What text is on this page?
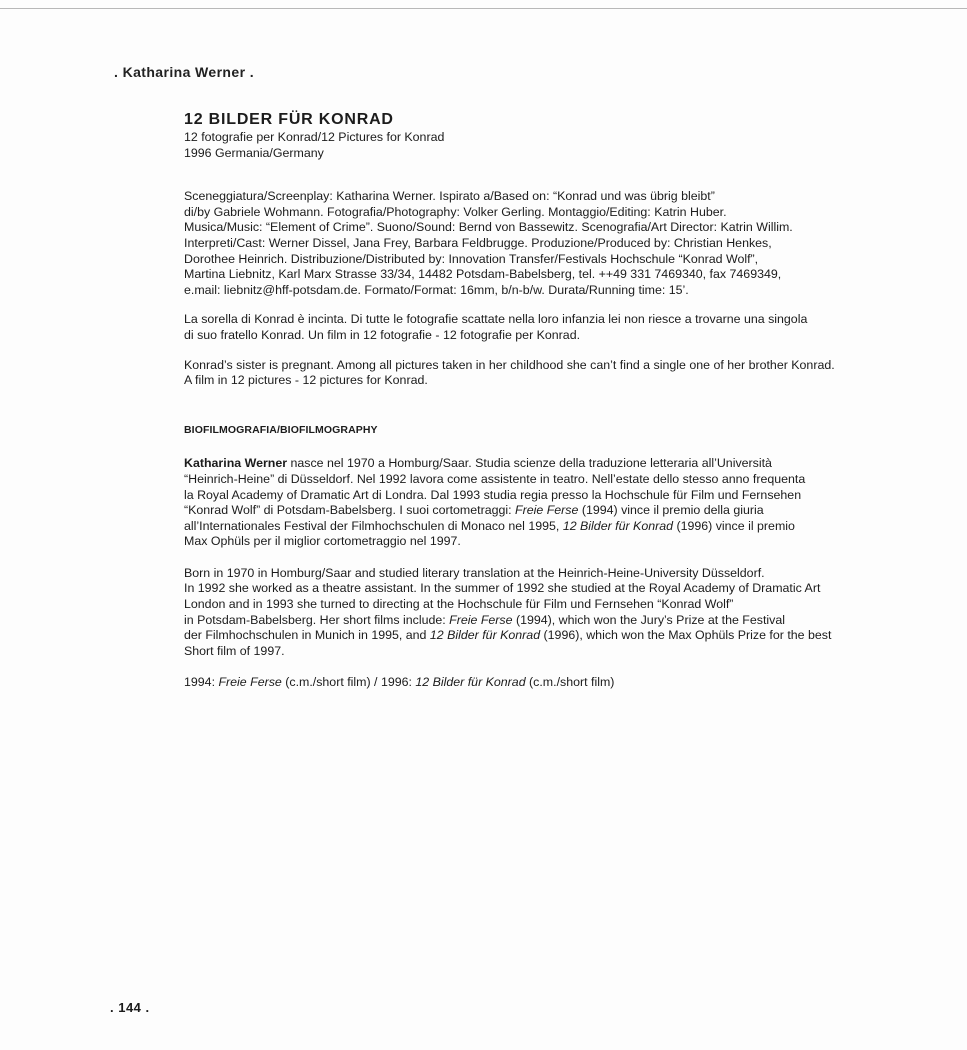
. Katharina Werner .
12 BILDER FÜR KONRAD

12 fotografie per Konrad/12 Pictures for Konrad

1996 Germania/Germany

Sceneggiatura/Screenplay: Katharina Werner. Ispirato a/Based on: “Konrad und was übrig bleibt”
di/by Gabriele Wohmann. Fotografia/Photography: Volker Gerling. Montaggio/Editing: Katrin Huber.
Musica/Music: “Element of Crime”. Suono/Sound: Bernd von Bassewitz. Scenografia/Art Director: Katrin Willim.
Interpreti/Cast: Werner Dissel, Jana Frey, Barbara Feldbrugge. Produzione/Produced by: Christian Henkes,
Dorothee Heinrich. Distribuzione/Distributed by: Innovation Transfer/Festivals Hochschule “Konrad Wolf”,
Martina Liebnitz, Karl Marx Strasse 33/34, 14482 Potsdam-Babelsberg, tel. ++49 331 7469340, fax 7469349,
e.mail: liebnitz@hff-potsdam.de. Formato/Format: 16mm, b/n-b/w. Durata/Running time: 15’.

La sorella di Konrad è incinta. Di tutte le fotografie scattate nella loro infanzia lei non riesce a trovarne una singola
di suo fratello Konrad. Un film in 12 fotografie - 12 fotografie per Konrad.

Konrad’s sister is pregnant. Among all pictures taken in her childhood she can’t find a single one of her brother Konrad.
A film in 12 pictures - 12 pictures for Konrad.

BIOFILMOGRAFIA/BIOFILMOGRAPHY

Katharina Werner nasce nel 1970 a Homburg/Saar. Studia scienze della traduzione letteraria all’Università
“Heinrich-Heine” di Düsseldorf. Nel 1992 lavora come assistente in teatro. Nell’estate dello stesso anno frequenta
la Royal Academy of Dramatic Art di Londra. Dal 1993 studia regia presso la Hochschule für Film und Fernsehen
“Konrad Wolf” di Potsdam-Babelsberg. I suoi cortometraggi: Freie Ferse (1994) vince il premio della giuria
all’Internationales Festival der Filmhochschulen di Monaco nel 1995, 12 Bilder für Konrad (1996) vince il premio
Max Ophüls per il miglior cortometraggio nel 1997.

Born in 1970 in Homburg/Saar and studied literary translation at the Heinrich-Heine-University Düsseldorf.
In 1992 she worked as a theatre assistant. In the summer of 1992 she studied at the Royal Academy of Dramatic Art
London and in 1993 she turned to directing at the Hochschule für Film und Fernsehen “Konrad Wolf”
in Potsdam-Babelsberg. Her short films include: Freie Ferse (1994), which won the Jury’s Prize at the Festival
der Filmhochschulen in Munich in 1995, and 12 Bilder für Konrad (1996), which won the Max Ophüls Prize for the best
Short film of 1997.

1994: Freie Ferse (c.m./short film) / 1996: 12 Bilder für Konrad (c.m./short film)

. 144 .
